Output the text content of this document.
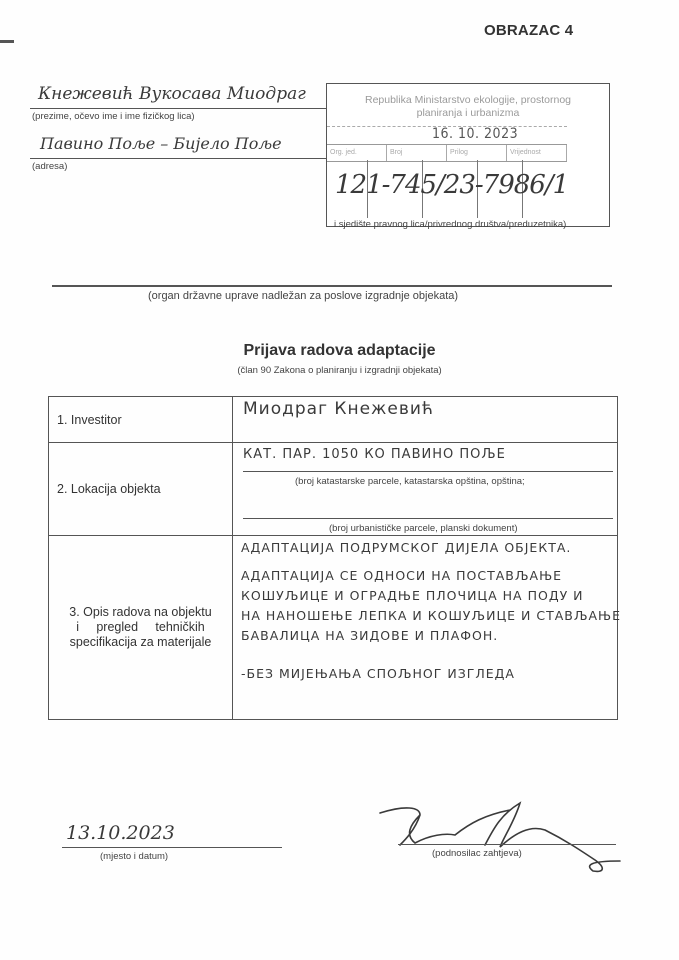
OBRAZAC 4
Кнежевић Вукосава Миодраг
(prezime, očevo ime i ime fizičkog lica)
Павино Поље – Бијело Поље
(adresa)
Republika Ministarstvo ekologije, prostornog
planiranja i urbanizma
16. 10. 2023
Org. jed.	Broj	Prilog	Vrijednost
121-745/23-7986/1
i sjedište pravnog lica/privrednog društva/preduzetnika)
(organ državne uprave nadležan za poslove izgradnje objekata)
Prijava radova adaptacije
(član 90 Zakona o planiranju i izgradnji objekata)
1. Investitor	Миодраг Кнежевић

2. Lokacija objekta	КАТ. ПАР. 1050 КО ПАВИНО ПОЉЕ
(broj katastarske parcele, katastarska opština, opština;
(broj urbanističke parcele, planski dokument)

3. Opis radova na objektu
i     pregled     tehničkih
specifikacija za materijale

АДАПТАЦИЈА ПОДРУМСКОГ ДИЈЕЛА ОБЈЕКТА.
АДАПТАЦИЈА СЕ ОДНОСИ НА ПОСТАВЉАЊЕ
КОШУЉИЦЕ И ОГРАДЊЕ ПЛОЧИЦА НА ПОДУ И
НА НАНОШЕЊЕ ЛЕПКА И КОШУЉИЦЕ И СТАВЉАЊЕ
БАВАЛИЦА НА ЗИДОВЕ И ПЛАФОН.
-БЕЗ МИЈЕЊАЊА СПОЉНОГ ИЗГЛЕДА
13.10.2023
(mjesto i datum)	(podnosilac zahtjeva)
